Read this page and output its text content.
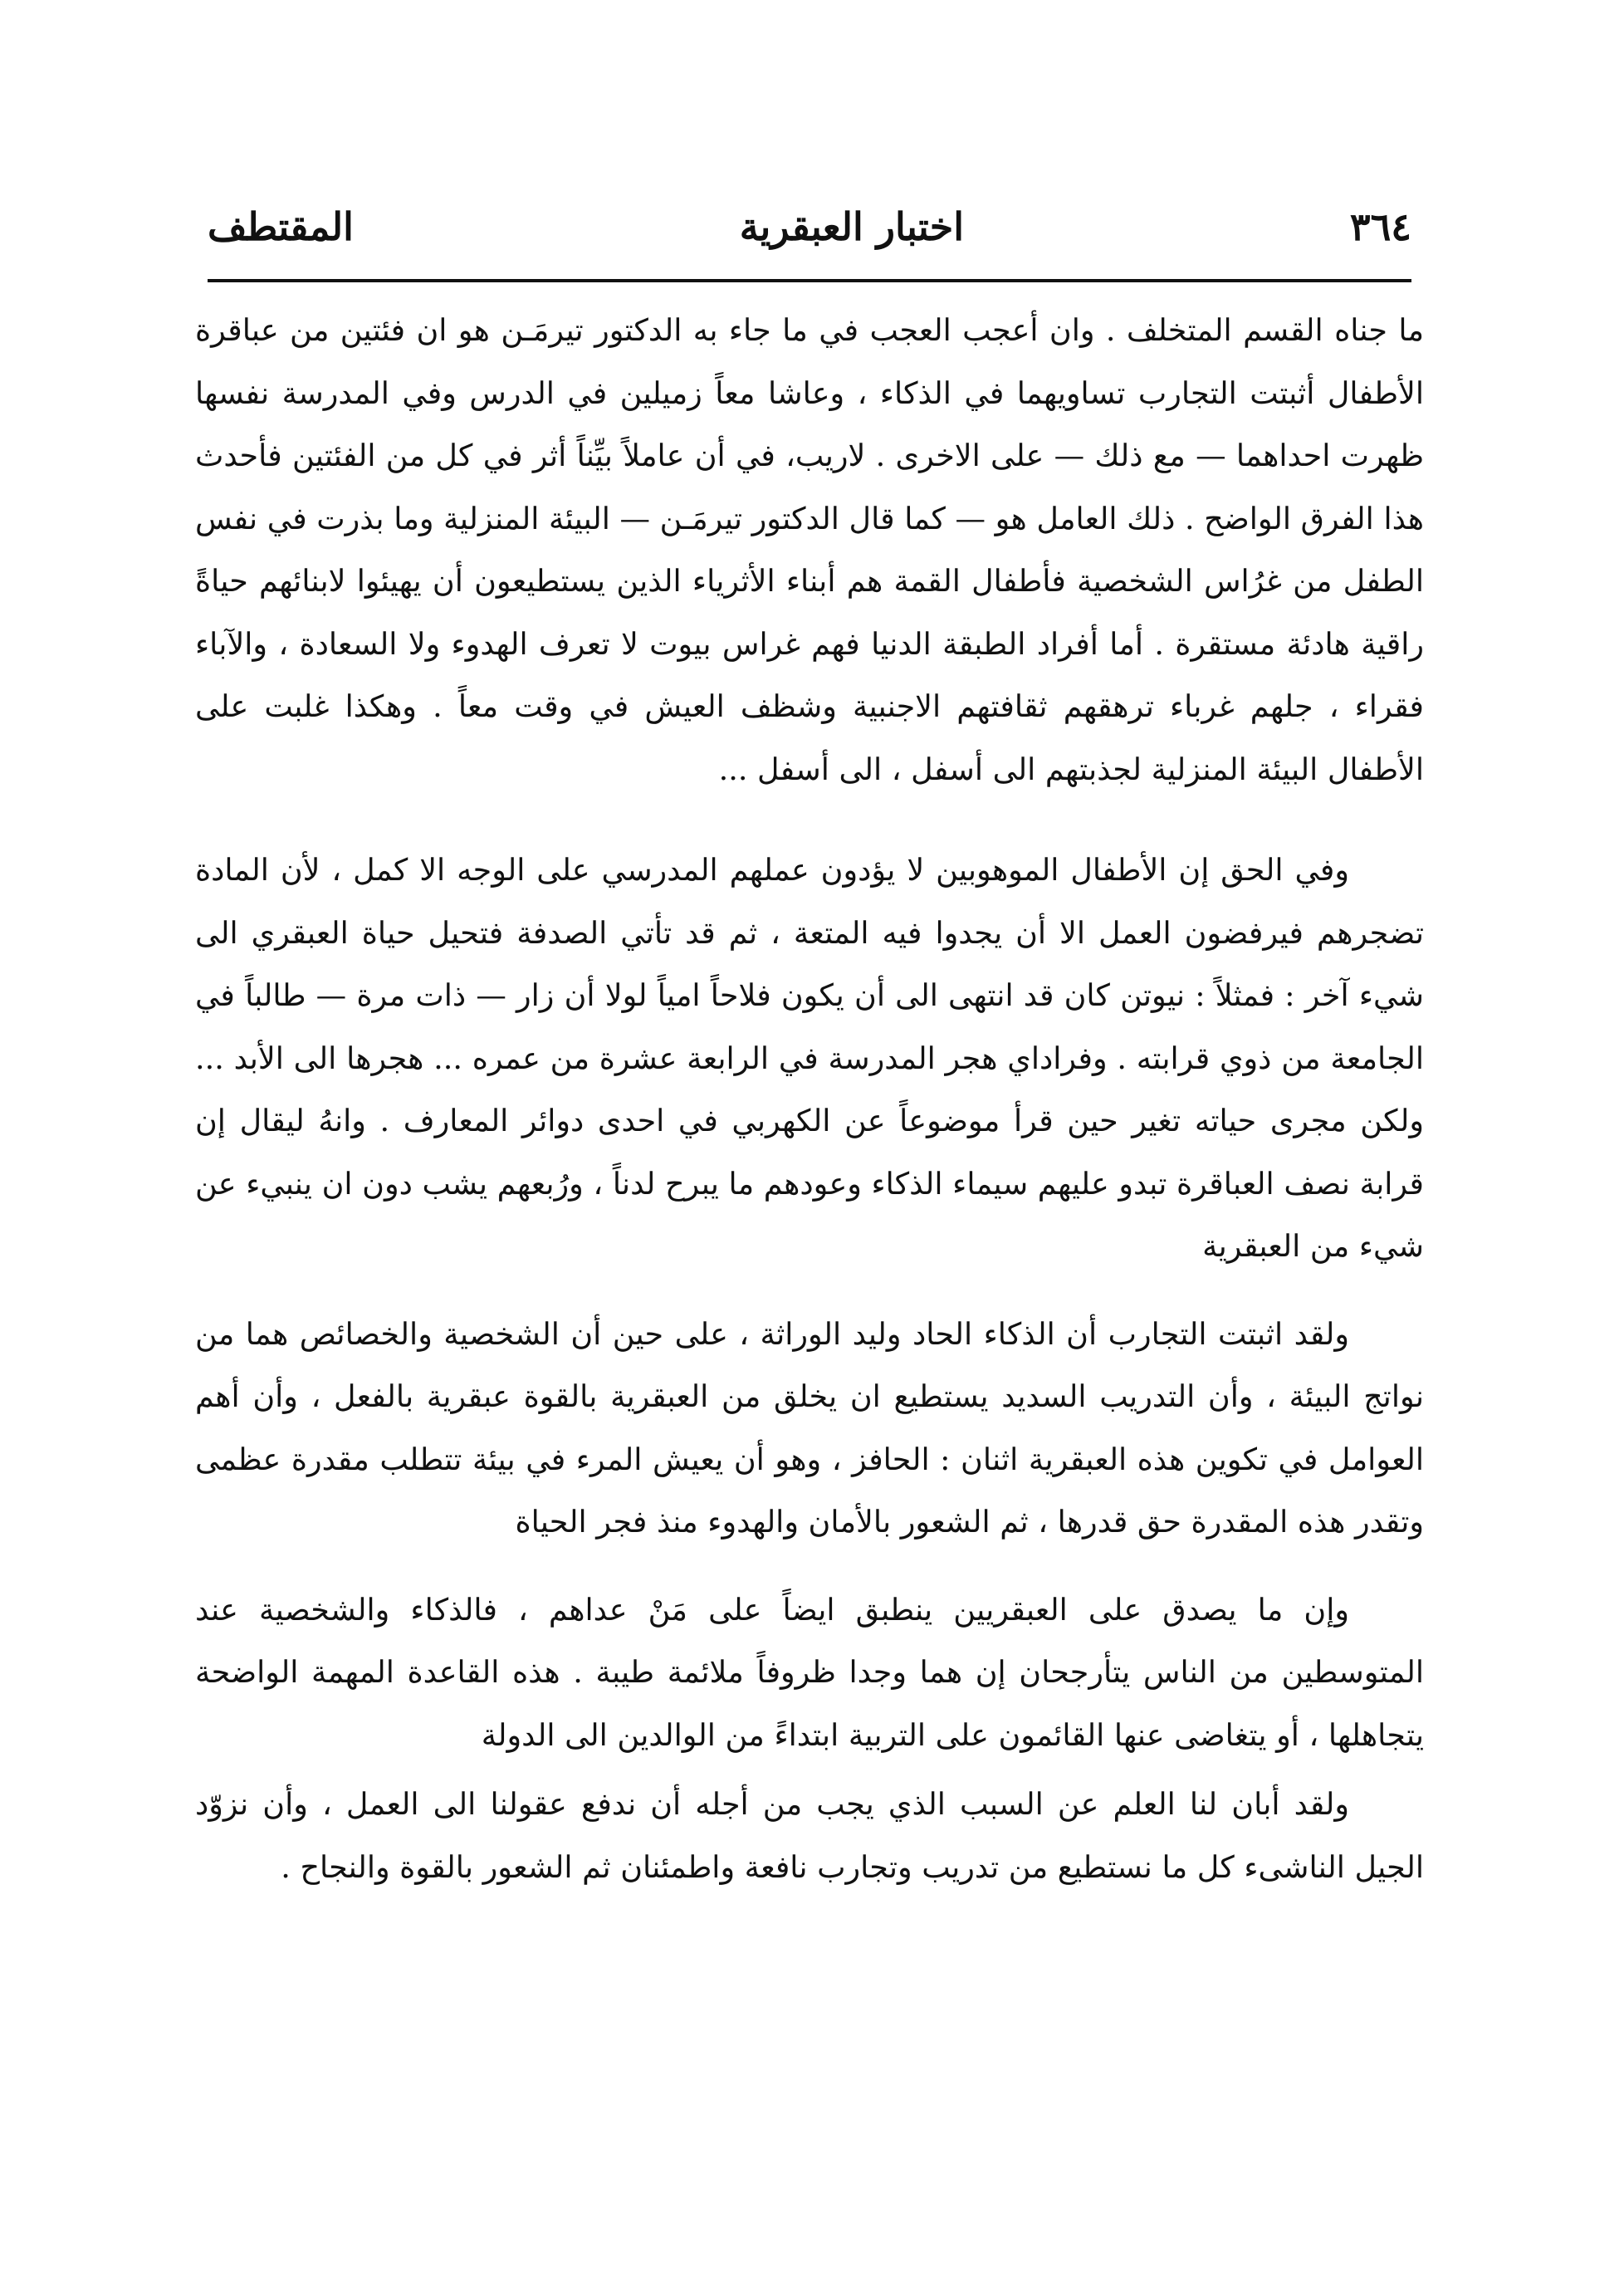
٣٦٤
اختبار العبقرية
المقتطف

ما جناه القسم المتخلف . وان أعجب العجب في ما جاء به الدكتور تيرمَـن هو ان فئتين من عباقرة الأطفال أثبتت التجارب تساويهما في الذكاء ، وعاشا معاً زميلين في الدرس وفي المدرسة نفسها ظهرت احداهما — مع ذلك — على الاخرى . لاريب، في أن عاملاً بيِّناً أثر في كل من الفئتين فأحدث هذا الفرق الواضح . ذلك العامل هو — كما قال الدكتور تيرمَـن — البيئة المنزلية وما بذرت في نفس الطفل من غرُاس الشخصية فأطفال القمة هم أبناء الأثرياء الذين يستطيعون أن يهيئوا لابنائهم حياةً راقية هادئة مستقرة . أما أفراد الطبقة الدنيا فهم غراس بيوت لا تعرف الهدوء ولا السعادة ، والآباء فقراء ، جلهم غرباء ترهقهم ثقافتهم الاجنبية وشظف العيش في وقت معاً . وهكذا غلبت على الأطفال البيئة المنزلية لجذبتهم الى أسفل ، الى أسفل ...

وفي الحق إن الأطفال الموهوبين لا يؤدون عملهم المدرسي على الوجه الا كمل ، لأن المادة تضجرهم فيرفضون العمل الا أن يجدوا فيه المتعة ، ثم قد تأتي الصدفة فتحيل حياة العبقري الى شيء آخر : فمثلاً : نيوتن كان قد انتهى الى أن يكون فلاحاً امياً لولا أن زار — ذات مرة — طالباً في الجامعة من ذوي قرابته . وفراداي هجر المدرسة في الرابعة عشرة من عمره ... هجرها الى الأبد ... ولكن مجرى حياته تغير حين قرأ موضوعاً عن الكهربي في احدى دوائر المعارف . وانهُ ليقال إن قرابة نصف العباقرة تبدو عليهم سيماء الذكاء وعودهم ما يبرح لدناً ، ورُبعهم يشب دون ان ينبيء عن شيء من العبقرية

ولقد اثبتت التجارب أن الذكاء الحاد وليد الوراثة ، على حين أن الشخصية والخصائص هما من نواتج البيئة ، وأن التدريب السديد يستطيع ان يخلق من العبقرية بالقوة عبقرية بالفعل ، وأن أهم العوامل في تكوين هذه العبقرية اثنان : الحافز ، وهو أن يعيش المرء في بيئة تتطلب مقدرة عظمى وتقدر هذه المقدرة حق قدرها ، ثم الشعور بالأمان والهدوء منذ فجر الحياة

وإن ما يصدق على العبقريين ينطبق ايضاً على مَنْ عداهم ، فالذكاء والشخصية عند المتوسطين من الناس يتأرجحان إن هما وجدا ظروفاً ملائمة طيبة . هذه القاعدة المهمة الواضحة يتجاهلها ، أو يتغاضى عنها القائمون على التربية ابتداءً من الوالدين الى الدولة

ولقد أبان لنا العلم عن السبب الذي يجب من أجله أن ندفع عقولنا الى العمل ، وأن نزوّد الجيل الناشىء كل ما نستطيع من تدريب وتجارب نافعة واطمئنان ثم الشعور بالقوة والنجاح .
